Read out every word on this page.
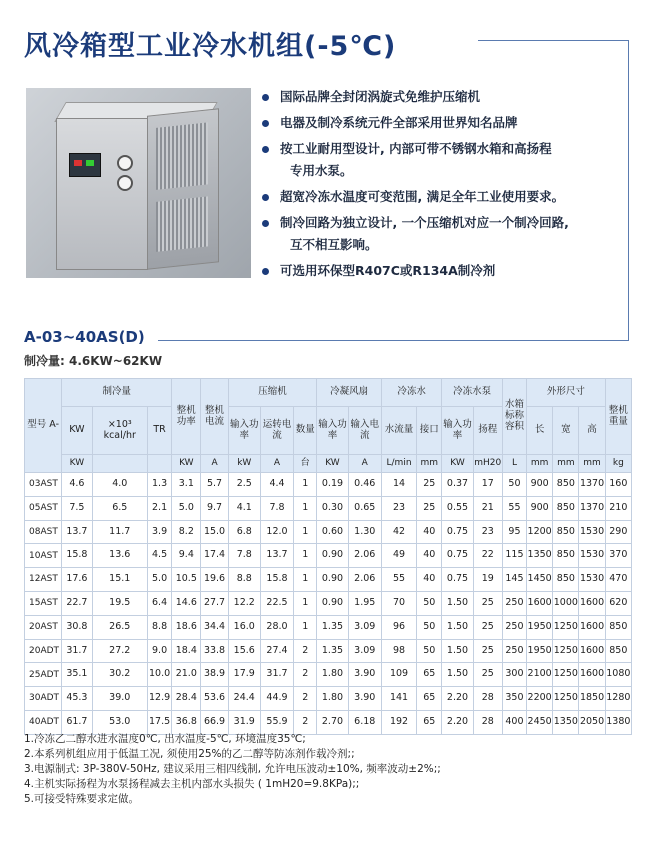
风冷箱型工业冷水机组(-5℃)
国际品牌全封闭涡旋式免维护压缩机
电器及制冷系统元件全部采用世界知名品牌
按工业耐用型设计, 内部可带不锈钢水箱和高扬程
专用水泵。
超宽冷冻水温度可变范围, 满足全年工业使用要求。
制冷回路为独立设计, 一个压缩机对应一个制冷回路,
互不相互影响。
可选用环保型R407C或R134A制冷剂
A-03~40AS(D)
制冷量: 4.6KW~62KW
型号 A-	制冷量			整机功率	整机电流	压缩机			冷凝风扇		冷冻水		冷冻水泵		水箱标称容积	外形尺寸			整机重量
	KW	×10³ kcal/hr	TR			输入功率	运转电流	数量	输入功率	输入电流	水流量	接口	输入功率	扬程		长	宽	高	
	KW			KW	A	kW	A	台	KW	A	L/min	mm	KW	mH20	L	mm	mm	mm	kg
03AST	4.6	4.0	1.3	3.1	5.7	2.5	4.4	1	0.19	0.46	14	25	0.37	17	50	900	850	1370	160
05AST	7.5	6.5	2.1	5.0	9.7	4.1	7.8	1	0.30	0.65	23	25	0.55	21	55	900	850	1370	210
08AST	13.7	11.7	3.9	8.2	15.0	6.8	12.0	1	0.60	1.30	42	40	0.75	23	95	1200	850	1530	290
10AST	15.8	13.6	4.5	9.4	17.4	7.8	13.7	1	0.90	2.06	49	40	0.75	22	115	1350	850	1530	370
12AST	17.6	15.1	5.0	10.5	19.6	8.8	15.8	1	0.90	2.06	55	40	0.75	19	145	1450	850	1530	470
15AST	22.7	19.5	6.4	14.6	27.7	12.2	22.5	1	0.90	1.95	70	50	1.50	25	250	1600	1000	1600	620
20AST	30.8	26.5	8.8	18.6	34.4	16.0	28.0	1	1.35	3.09	96	50	1.50	25	250	1950	1250	1600	850
20ADT	31.7	27.2	9.0	18.4	33.8	15.6	27.4	2	1.35	3.09	98	50	1.50	25	250	1950	1250	1600	850
25ADT	35.1	30.2	10.0	21.0	38.9	17.9	31.7	2	1.80	3.90	109	65	1.50	25	300	2100	1250	1600	1080
30ADT	45.3	39.0	12.9	28.4	53.6	24.4	44.9	2	1.80	3.90	141	65	2.20	28	350	2200	1250	1850	1280
40ADT	61.7	53.0	17.5	36.8	66.9	31.9	55.9	2	2.70	6.18	192	65	2.20	28	400	2450	1350	2050	1380
1.冷冻乙二醇水进水温度0℃, 出水温度-5℃, 环境温度35℃;
2.本系列机组应用于低温工况, 须使用25%的乙二醇等防冻剂作载冷剂;;
3.电源制式: 3P-380V-50Hz, 建议采用三相四线制, 允许电压波动±10%, 频率波动±2%;;
4.主机实际扬程为水泵扬程减去主机内部水头损失 ( 1mH20=9.8KPa);;
5.可接受特殊要求定做。
